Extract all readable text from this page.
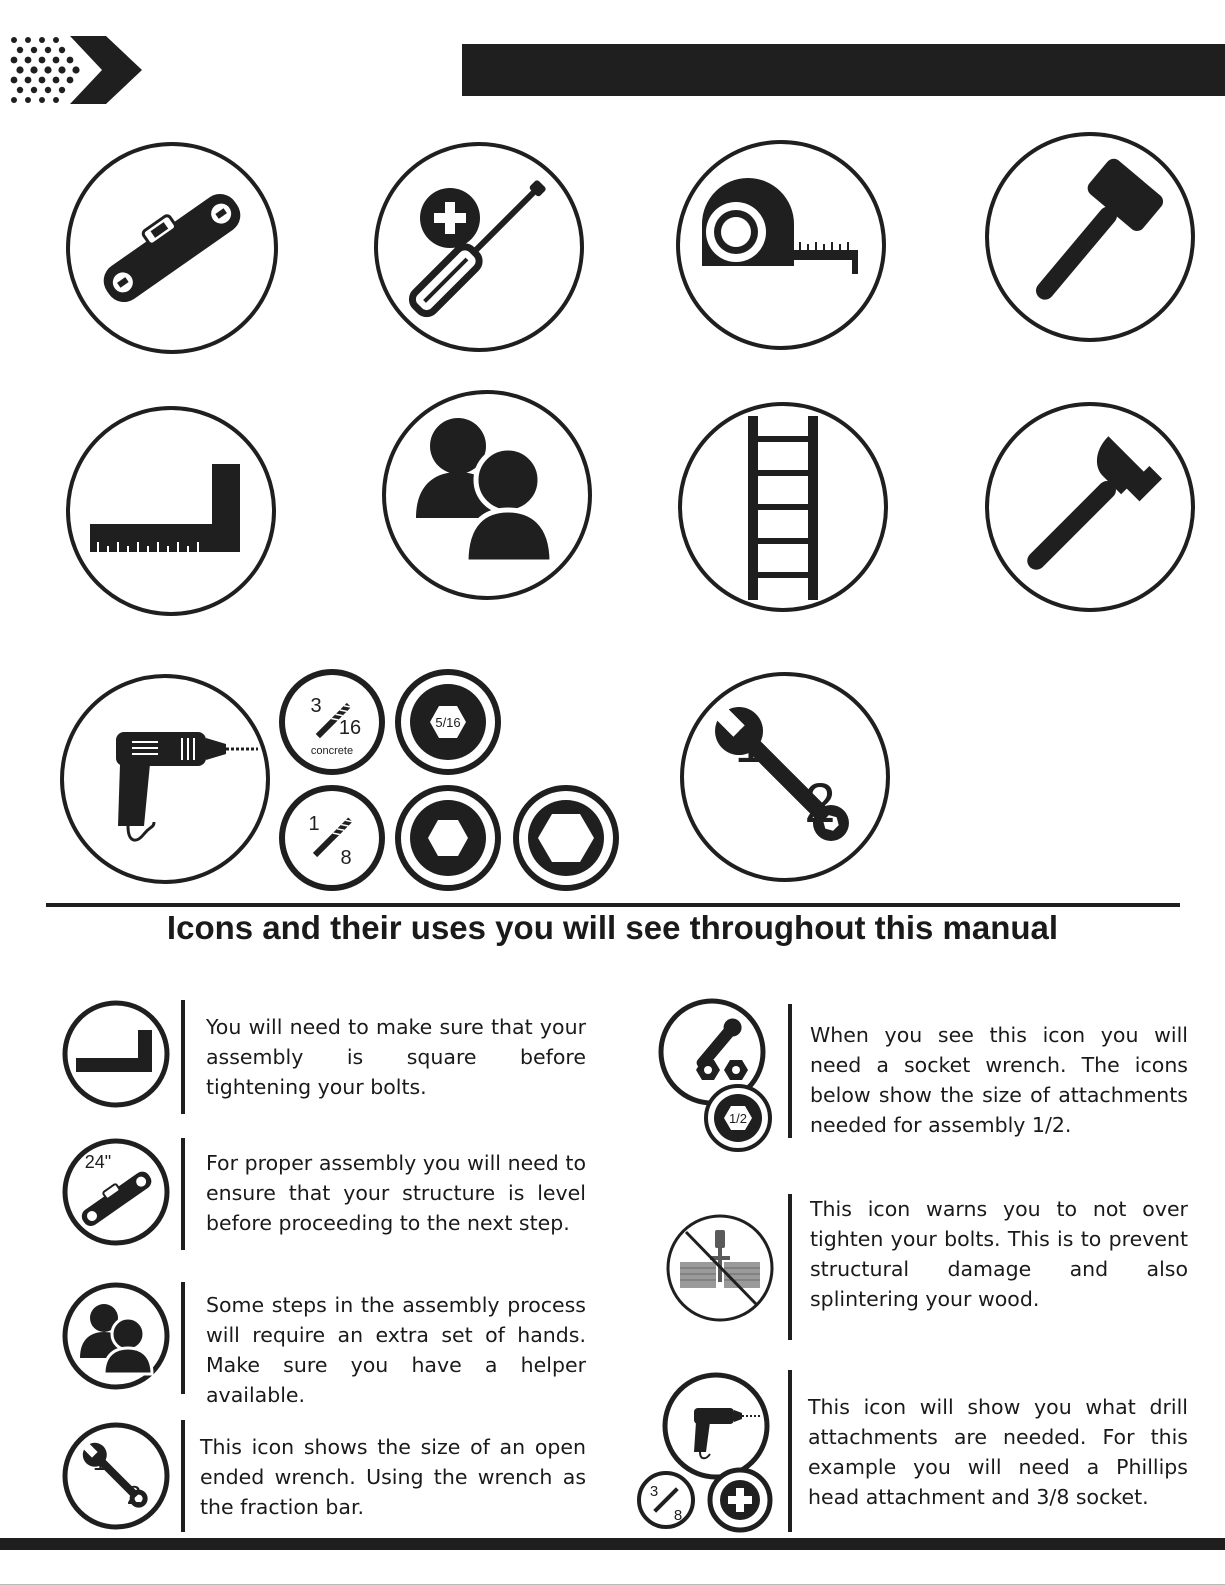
3
16
concrete
5/16
1
8
1
2
Icons and their uses you will see throughout this manual
You will need to make sure that your assembly is square before tightening your bolts.
24"	For proper assembly you will need to ensure that your structure is level before proceeding to the next step.
Some steps in the assembly process will require an extra set of hands. Make sure you have a helper available.
1
2
This icon shows the size of an open ended wrench. Using the wrench as the fraction bar.
1/2
When you see this icon you will need a socket wrench. The icons below show the size of attachments needed for assembly 1/2.
This icon warns you to not over tighten your bolts. This is to prevent structural damage and also splintering your wood.
3
8
This icon will show you what drill attachments are needed. For this example you will need a Phillips head attachment and 3/8 socket.
